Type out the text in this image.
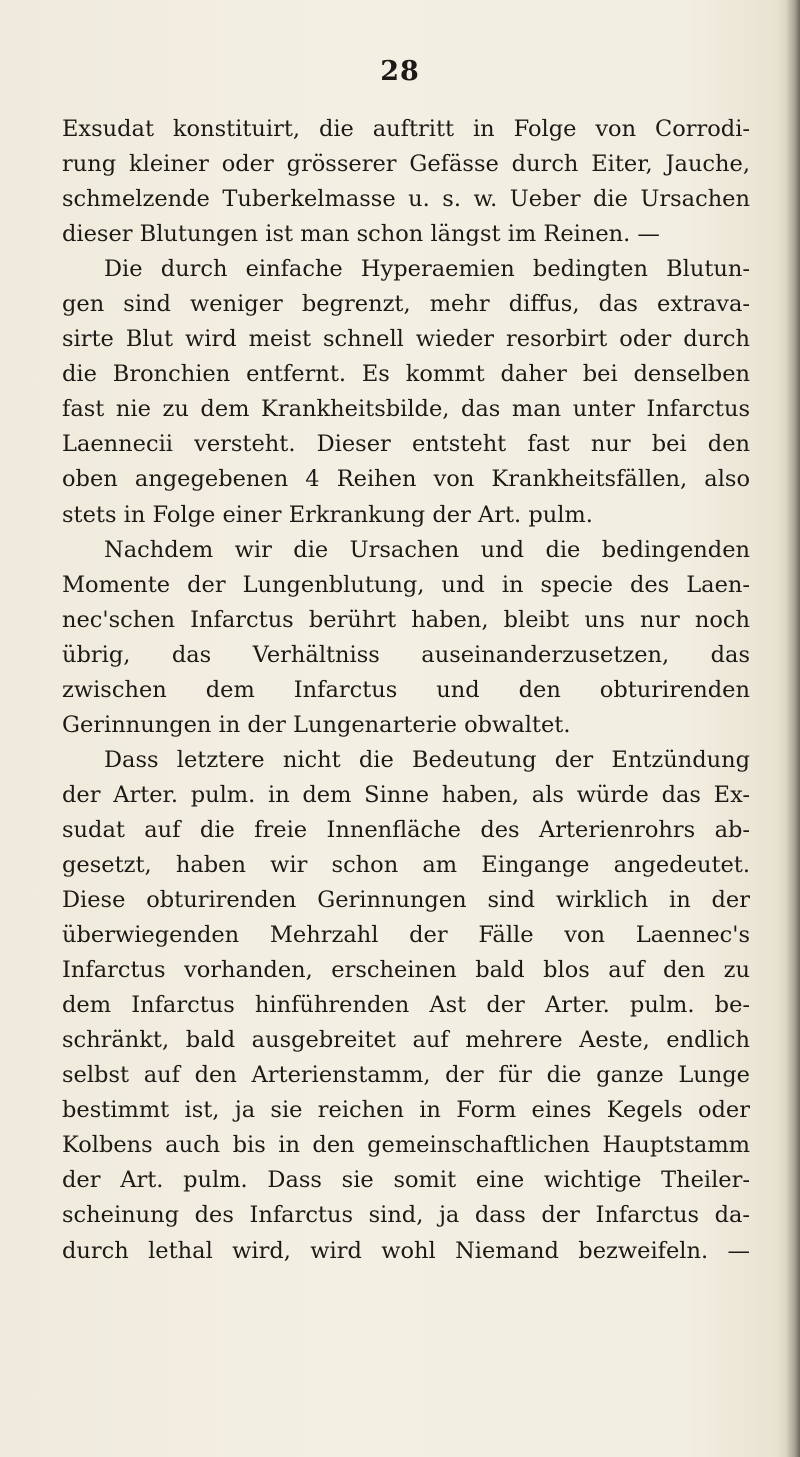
28
Exsudat konstituirt, die auftritt in Folge von Corrodi-
rung kleiner oder grösserer Gefässe durch Eiter, Jauche,
schmelzende Tuberkelmasse u. s. w. Ueber die Ursachen
dieser Blutungen ist man schon längst im Reinen. —
Die durch einfache Hyperaemien bedingten Blutun-
gen sind weniger begrenzt, mehr diffus, das extrava-
sirte Blut wird meist schnell wieder resorbirt oder durch
die Bronchien entfernt. Es kommt daher bei denselben
fast nie zu dem Krankheitsbilde, das man unter Infarctus
Laennecii versteht. Dieser entsteht fast nur bei den
oben angegebenen 4 Reihen von Krankheitsfällen, also
stets in Folge einer Erkrankung der Art. pulm.
Nachdem wir die Ursachen und die bedingenden
Momente der Lungenblutung, und in specie des Laen-
nec'schen Infarctus berührt haben, bleibt uns nur noch
übrig, das Verhältniss auseinanderzusetzen, das
zwischen dem Infarctus und den obturirenden
Gerinnungen in der Lungenarterie obwaltet.
Dass letztere nicht die Bedeutung der Entzündung
der Arter. pulm. in dem Sinne haben, als würde das Ex-
sudat auf die freie Innenfläche des Arterienrohrs ab-
gesetzt, haben wir schon am Eingange angedeutet.
Diese obturirenden Gerinnungen sind wirklich in der
überwiegenden Mehrzahl der Fälle von Laennec's
Infarctus vorhanden, erscheinen bald blos auf den zu
dem Infarctus hinführenden Ast der Arter. pulm. be-
schränkt, bald ausgebreitet auf mehrere Aeste, endlich
selbst auf den Arterienstamm, der für die ganze Lunge
bestimmt ist, ja sie reichen in Form eines Kegels oder
Kolbens auch bis in den gemeinschaftlichen Hauptstamm
der Art. pulm. Dass sie somit eine wichtige Theiler-
scheinung des Infarctus sind, ja dass der Infarctus da-
durch lethal wird, wird wohl Niemand bezweifeln. —
